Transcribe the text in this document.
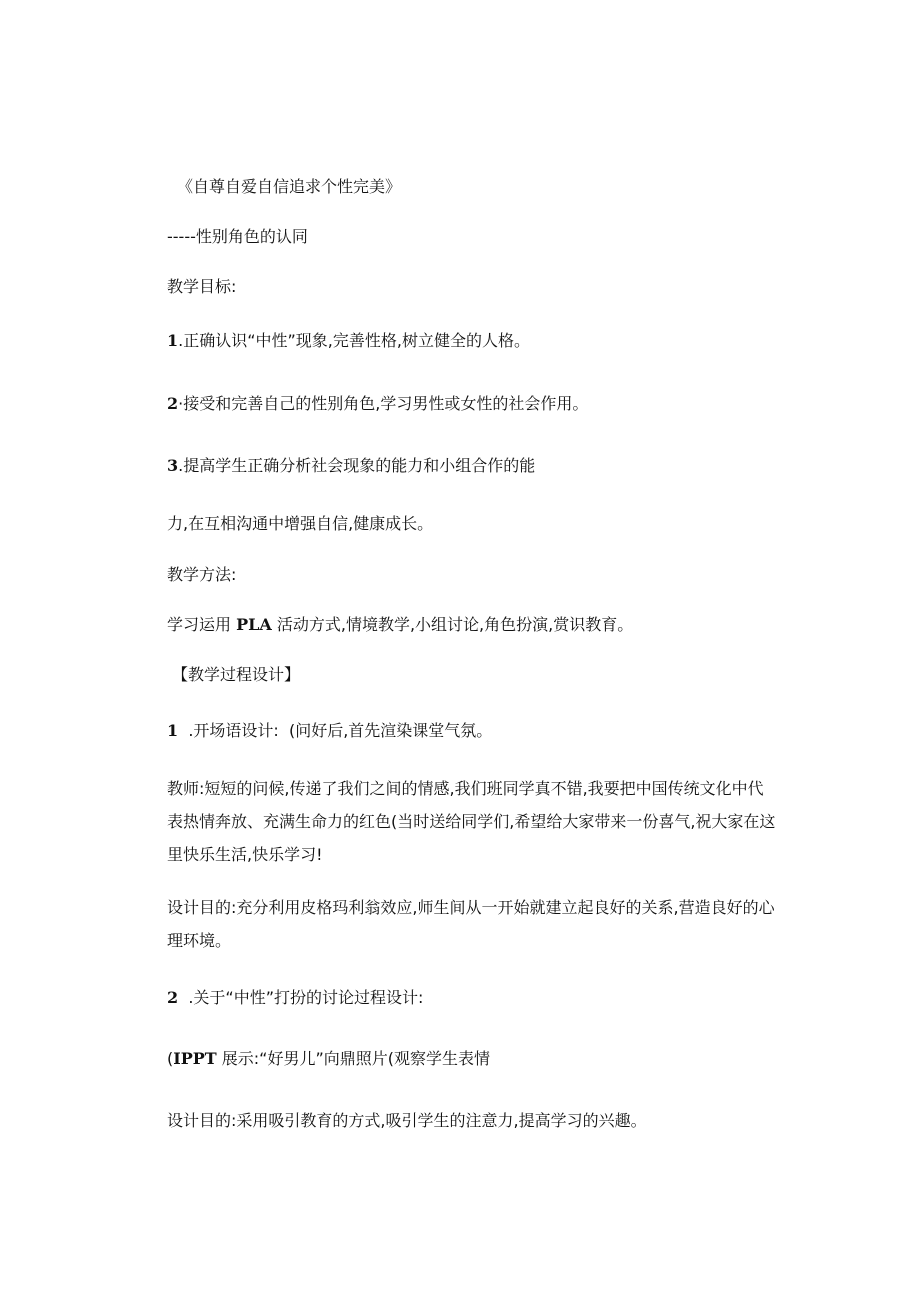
《自尊自爱自信追求个性完美》
-----性别角色的认同
教学目标:
1.正确认识“中性”现象,完善性格,树立健全的人格。
2·接受和完善自己的性别角色,学习男性或女性的社会作用。
3.提高学生正确分析社会现象的能力和小组合作的能
力,在互相沟通中增强自信,健康成长。
教学方法:
学习运用 PLA 活动方式,情境教学,小组讨论,角色扮演,赏识教育。
【教学过程设计】
1  .开场语设计:  (问好后,首先渲染课堂气氛。
教师:短短的问候,传递了我们之间的情感,我们班同学真不错,我要把中国传统文化中代表热情奔放、充满生命力的红色(当时送给同学们,希望给大家带来一份喜气,祝大家在这里快乐生活,快乐学习!
设计目的:充分利用皮格玛利翁效应,师生间从一开始就建立起良好的关系,营造良好的心理环境。
2  .关于“中性”打扮的讨论过程设计:
(IPPT 展示:“好男儿”向鼎照片(观察学生表情
设计目的:采用吸引教育的方式,吸引学生的注意力,提高学习的兴趣。
